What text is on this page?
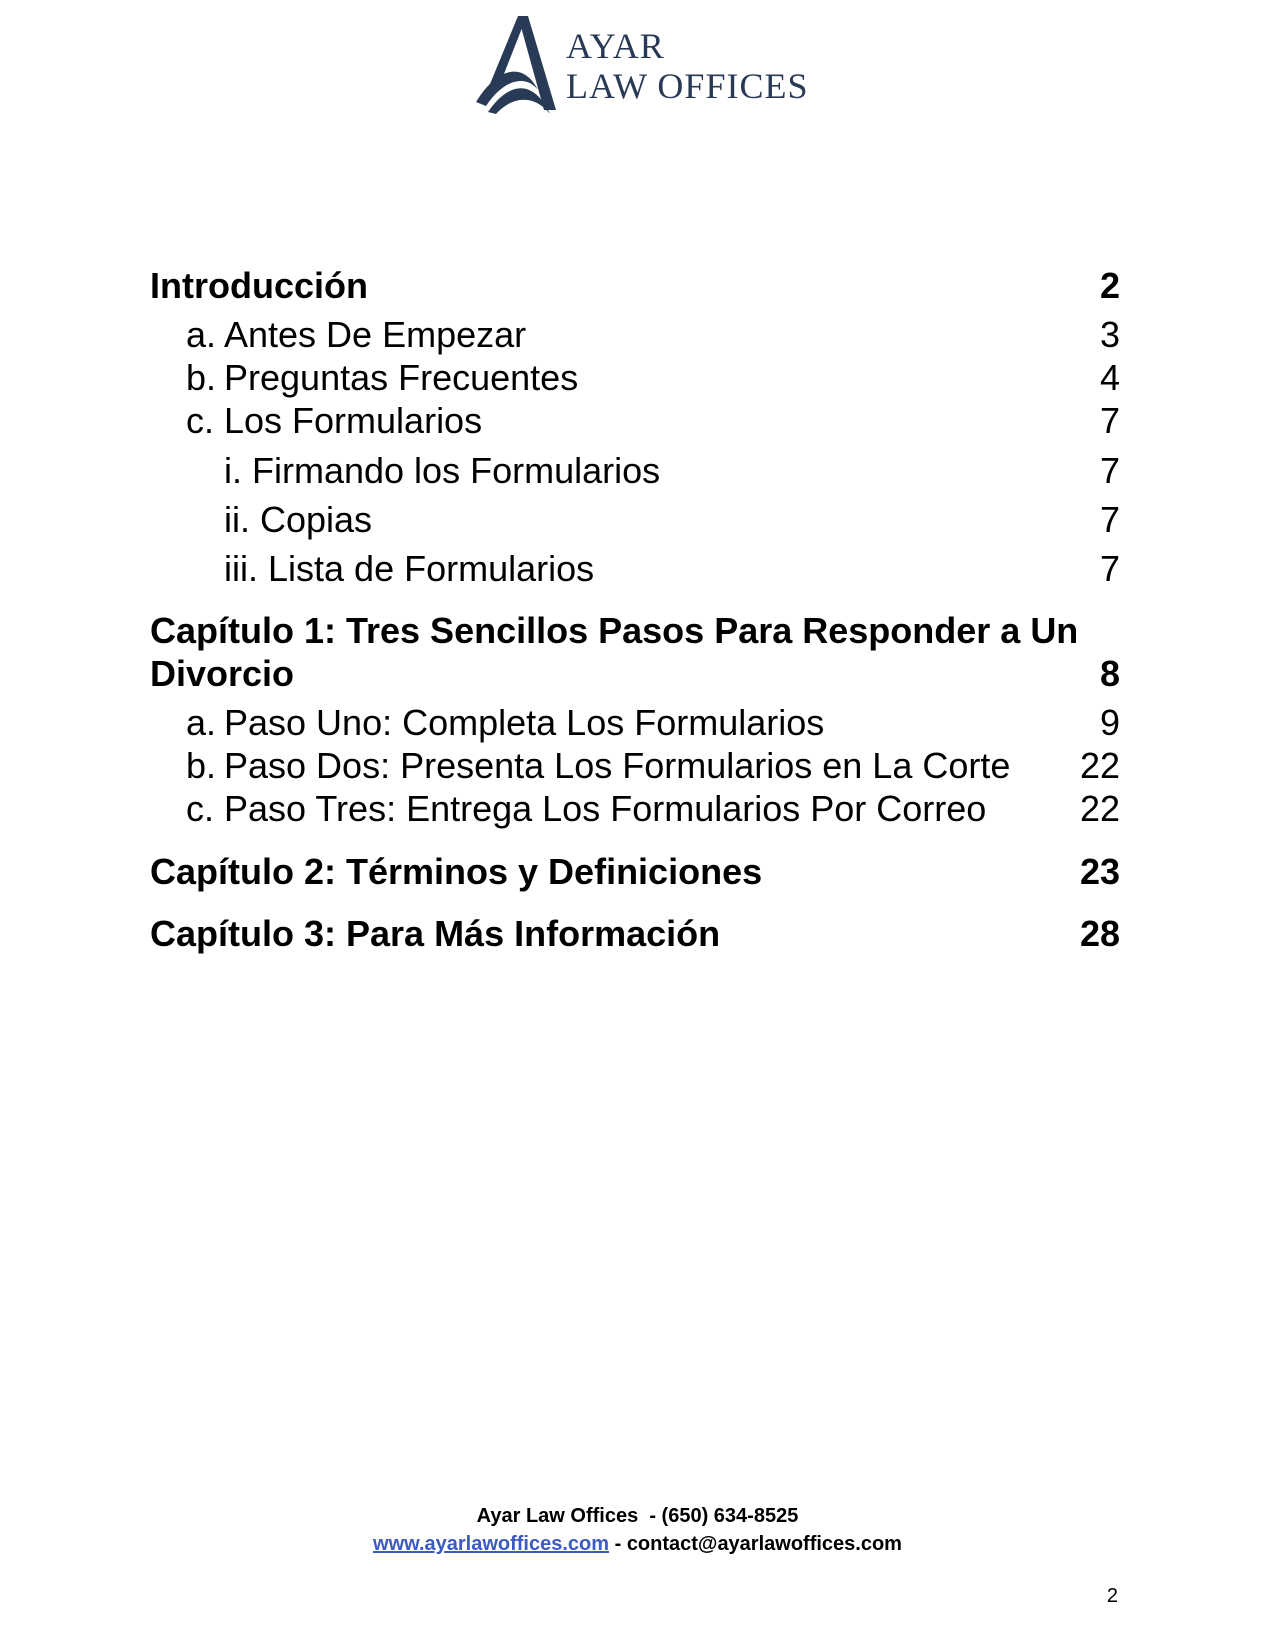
AYAR
LAW OFFICES
Introducción	2
a. Antes De Empezar	3
b. Preguntas Frecuentes	4
c. Los Formularios	7
i. Firmando los Formularios	7
ii. Copias	7
iii. Lista de Formularios	7
Capítulo 1: Tres Sencillos Pasos Para Responder a Un
Divorcio	8
a. Paso Uno: Completa Los Formularios	9
b. Paso Dos: Presenta Los Formularios en La Corte 22
c. Paso Tres: Entrega Los Formularios Por Correo	22
Capítulo 2: Términos y Definiciones	23
Capítulo 3: Para Más Información	28
Ayar Law Offices  - (650) 634-8525
www.ayarlawoffices.com - contact@ayarlawoffices.com
2
